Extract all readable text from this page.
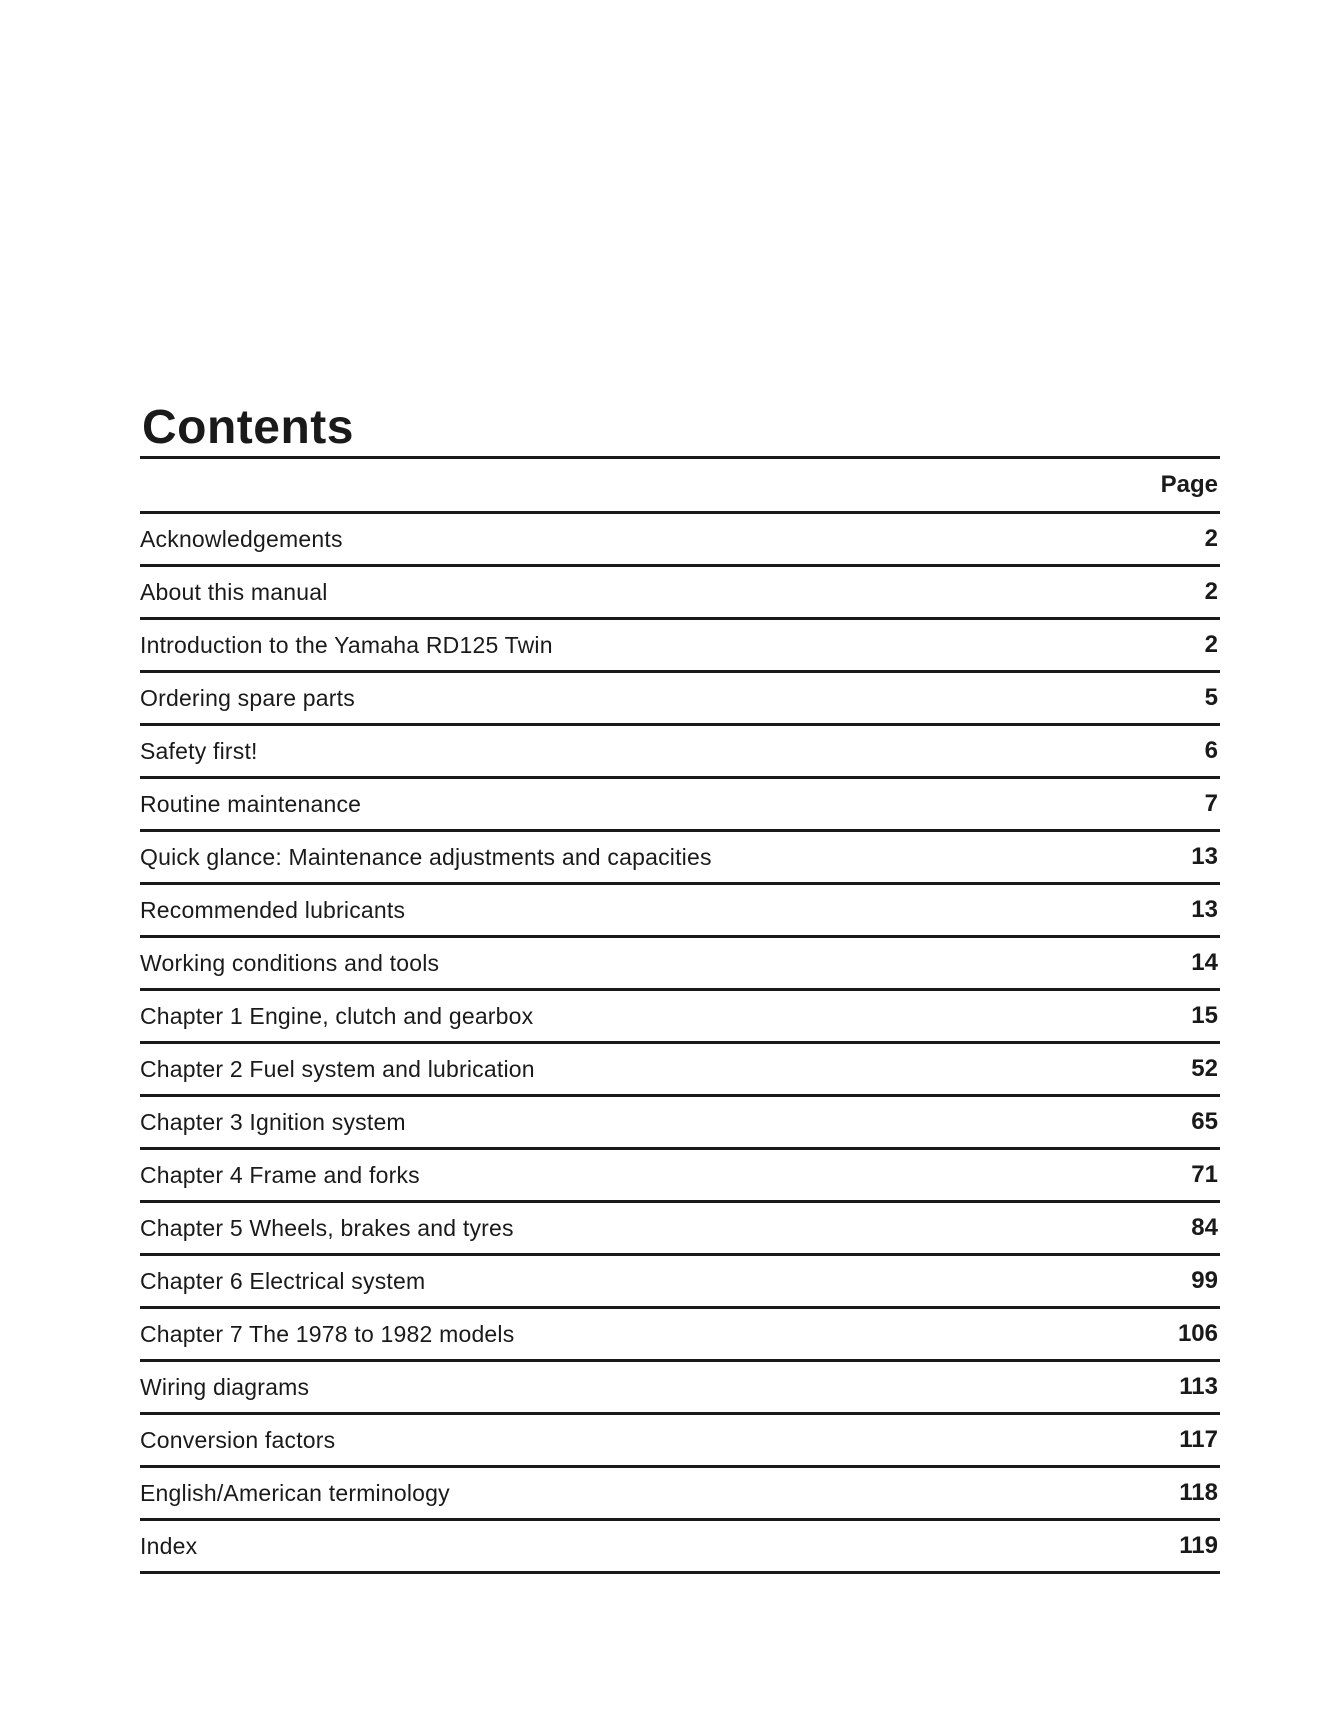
Contents
Page
Acknowledgements	2
About this manual	2
Introduction to the Yamaha RD125 Twin	2
Ordering spare parts	5
Safety first!	6
Routine maintenance	7
Quick glance: Maintenance adjustments and capacities	13
Recommended lubricants	13
Working conditions and tools	14
Chapter 1 Engine, clutch and gearbox	15
Chapter 2 Fuel system and lubrication	52
Chapter 3 Ignition system	65
Chapter 4 Frame and forks	71
Chapter 5 Wheels, brakes and tyres	84
Chapter 6 Electrical system	99
Chapter 7 The 1978 to 1982 models	106
Wiring diagrams	113
Conversion factors	117
English/American terminology	118
Index	119
